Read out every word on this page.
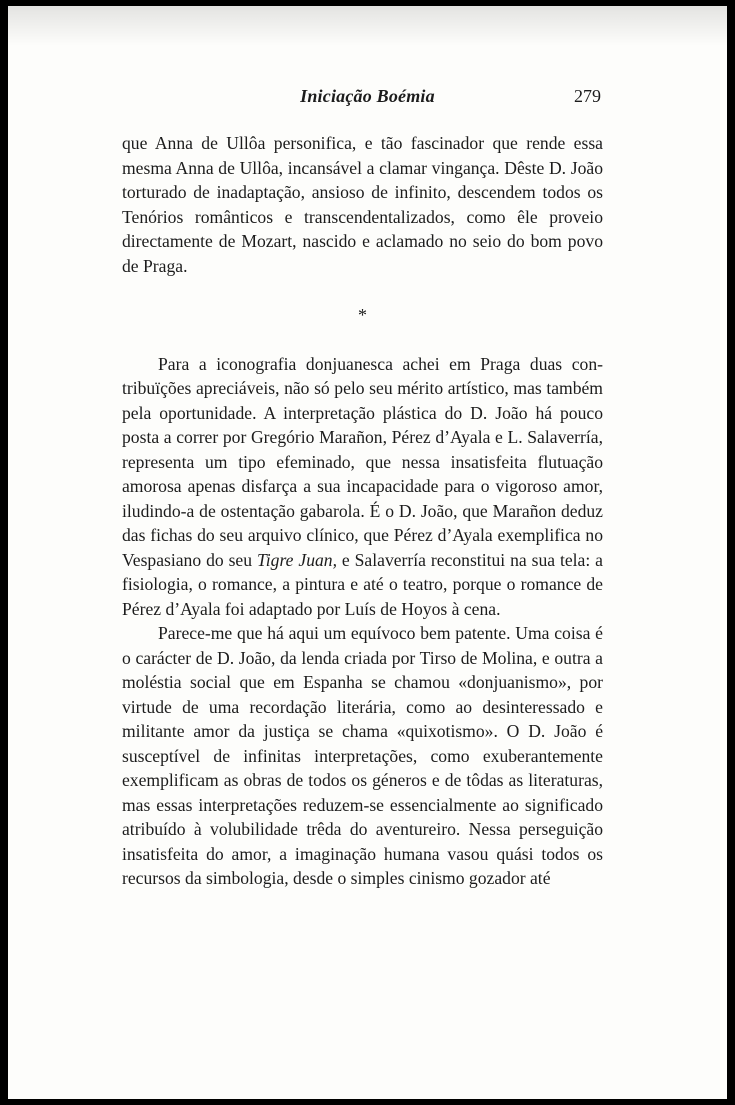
Iniciação Boémia	279

que Anna de Ullôa personifica, e tão fascinador que rende essa mesma Anna de Ullôa, incansável a clamar vingança. Dêste D. João torturado de inadaptação, ansioso de infinito, descendem todos os Tenórios românticos e transcendentalizados, como êle proveio directamente de Mozart, nascido e aclamado no seio do bom povo de Praga.

*

Para a iconografia donjuanesca achei em Praga duas contribuïções apreciáveis, não só pelo seu mérito artístico, mas também pela oportunidade. A interpretação plástica do D. João há pouco posta a correr por Gregório Marañon, Pérez d’Ayala e L. Salaverría, representa um tipo efeminado, que nessa insatisfeita flutuação amorosa apenas disfarça a sua incapacidade para o vigoroso amor, iludindo-a de ostentação gabarola. É o D. João, que Marañon deduz das fichas do seu arquivo clínico, que Pérez d’Ayala exemplifica no Vespasiano do seu Tigre Juan, e Salaverría reconstitui na sua tela: a fisiologia, o romance, a pintura e até o teatro, porque o romance de Pérez d’Ayala foi adaptado por Luís de Hoyos à cena.

Parece-me que há aqui um equívoco bem patente. Uma coisa é o carácter de D. João, da lenda criada por Tirso de Molina, e outra a moléstia social que em Espanha se chamou «donjuanismo», por virtude de uma recordação literária, como ao desinteressado e militante amor da justiça se chama «quixotismo». O D. João é susceptível de infinitas interpretações, como exuberantemente exemplificam as obras de todos os géneros e de tôdas as literaturas, mas essas interpretações reduzem-se essencialmente ao significado atribuído à volubilidade trêda do aventureiro. Nessa perseguição insatisfeita do amor, a imaginação humana vasou quási todos os recursos da simbologia, desde o simples cinismo gozador até
